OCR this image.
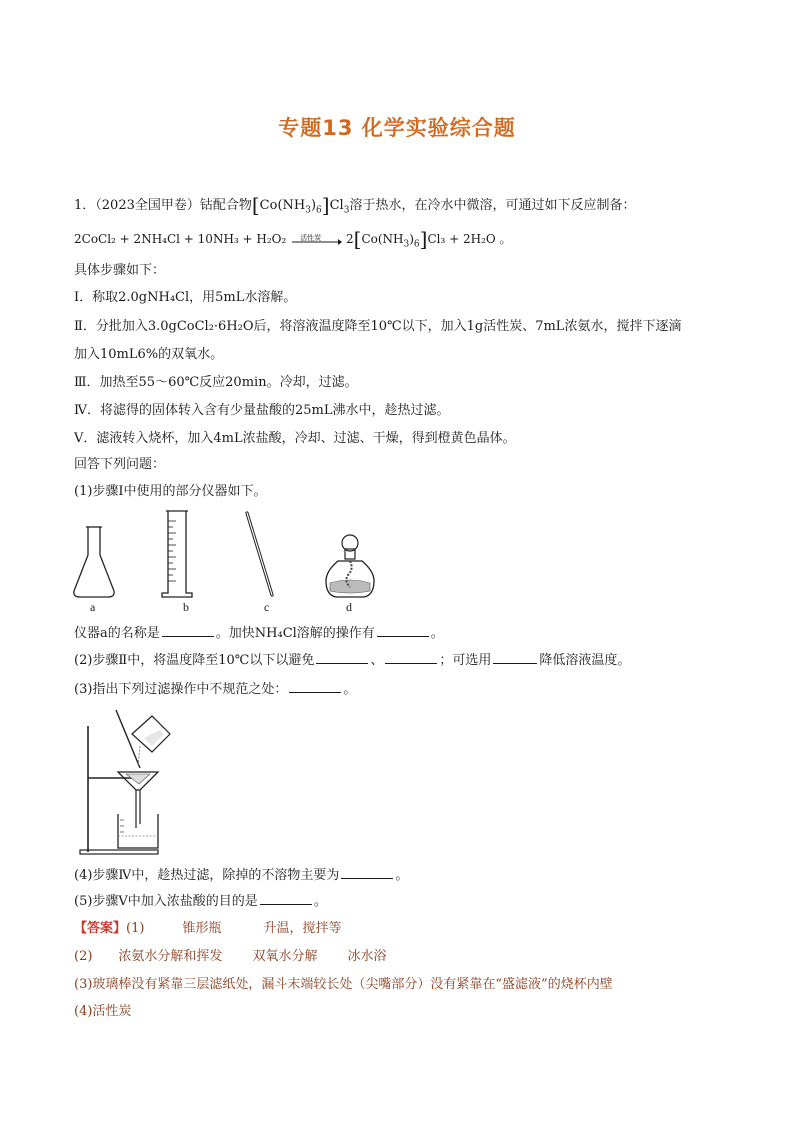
专题13 化学实验综合题
1．（2023全国甲卷）钴配合物$[Co(NH_3)_6]Cl_3$溶于热水，在冷水中微溶，可通过如下反应制备：
2CoCl₂ + 2NH₄Cl + 10NH₃ + H₂O₂ 活性炭 $2[Co(NH_3)_6]Cl_3 + 2H_2O$ 。
具体步骤如下：
Ⅰ．称取2.0gNH₄Cl，用5mL水溶解。
Ⅱ．分批加入3.0gCoCl₂·6H₂O后，将溶液温度降至10℃以下，加入1g活性炭、7mL浓氨水，搅拌下逐滴
加入10mL6%的双氧水。
Ⅲ．加热至55～60℃反应20min。冷却，过滤。
Ⅳ．将滤得的固体转入含有少量盐酸的25mL沸水中，趁热过滤。
Ⅴ．滤液转入烧杯，加入4mL浓盐酸，冷却、过滤、干燥，得到橙黄色晶体。
回答下列问题：
(1)步骤Ⅰ中使用的部分仪器如下。
a	b	c	d
仪器a的名称是	。加快NH₄Cl溶解的操作有	。
(2)步骤Ⅱ中，将温度降至10℃以下以避免	、	；可选用	降低溶液温度。
(3)指出下列过滤操作中不规范之处：	。
(4)步骤Ⅳ中，趁热过滤，除掉的不溶物主要为	。
(5)步骤Ⅴ中加入浓盐酸的目的是	。
【答案】(1)	锥形瓶	升温，搅拌等
(2) 浓氨水分解和挥发 双氧水分解 冰水浴
(3)玻璃棒没有紧靠三层滤纸处，漏斗末端较长处（尖嘴部分）没有紧靠在“盛滤液”的烧杯内壁
(4)活性炭
